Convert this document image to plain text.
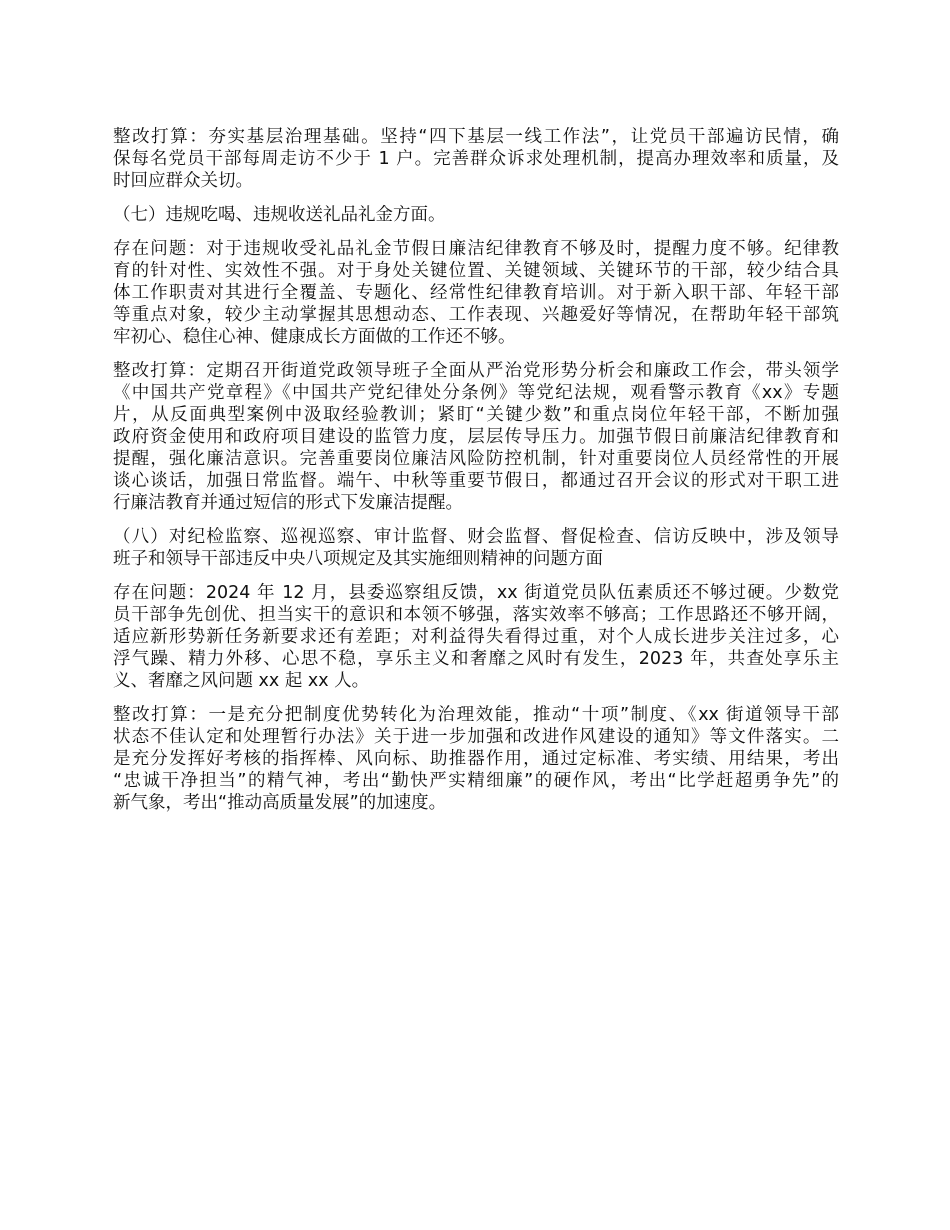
整改打算：夯实基层治理基础。坚持“四下基层一线工作法”，让党员干部遍访民情，确
保每名党员干部每周走访不少于 1 户。完善群众诉求处理机制，提高办理效率和质量，及
时回应群众关切。
（七）违规吃喝、违规收送礼品礼金方面。
存在问题：对于违规收受礼品礼金节假日廉洁纪律教育不够及时，提醒力度不够。纪律教
育的针对性、实效性不强。对于身处关键位置、关键领域、关键环节的干部，较少结合具
体工作职责对其进行全覆盖、专题化、经常性纪律教育培训。对于新入职干部、年轻干部
等重点对象，较少主动掌握其思想动态、工作表现、兴趣爱好等情况，在帮助年轻干部筑
牢初心、稳住心神、健康成长方面做的工作还不够。
整改打算：定期召开街道党政领导班子全面从严治党形势分析会和廉政工作会，带头领学
《中国共产党章程》《中国共产党纪律处分条例》等党纪法规，观看警示教育《xx》专题
片，从反面典型案例中汲取经验教训；紧盯“关键少数”和重点岗位年轻干部，不断加强
政府资金使用和政府项目建设的监管力度，层层传导压力。加强节假日前廉洁纪律教育和
提醒，强化廉洁意识。完善重要岗位廉洁风险防控机制，针对重要岗位人员经常性的开展
谈心谈话，加强日常监督。端午、中秋等重要节假日，都通过召开会议的形式对干职工进
行廉洁教育并通过短信的形式下发廉洁提醒。
（八）对纪检监察、巡视巡察、审计监督、财会监督、督促检查、信访反映中，涉及领导
班子和领导干部违反中央八项规定及其实施细则精神的问题方面
存在问题：2024 年 12 月，县委巡察组反馈，xx 街道党员队伍素质还不够过硬。少数党
员干部争先创优、担当实干的意识和本领不够强，落实效率不够高；工作思路还不够开阔，
适应新形势新任务新要求还有差距；对利益得失看得过重，对个人成长进步关注过多，心
浮气躁、精力外移、心思不稳，享乐主义和奢靡之风时有发生，2023 年，共查处享乐主
义、奢靡之风问题 xx 起 xx 人。
整改打算：一是充分把制度优势转化为治理效能，推动“十项”制度、《xx 街道领导干部
状态不佳认定和处理暂行办法》关于进一步加强和改进作风建设的通知》等文件落实。二
是充分发挥好考核的指挥棒、风向标、助推器作用，通过定标准、考实绩、用结果，考出
“忠诚干净担当”的精气神，考出“勤快严实精细廉”的硬作风，考出“比学赶超勇争先”的
新气象，考出“推动高质量发展”的加速度。
